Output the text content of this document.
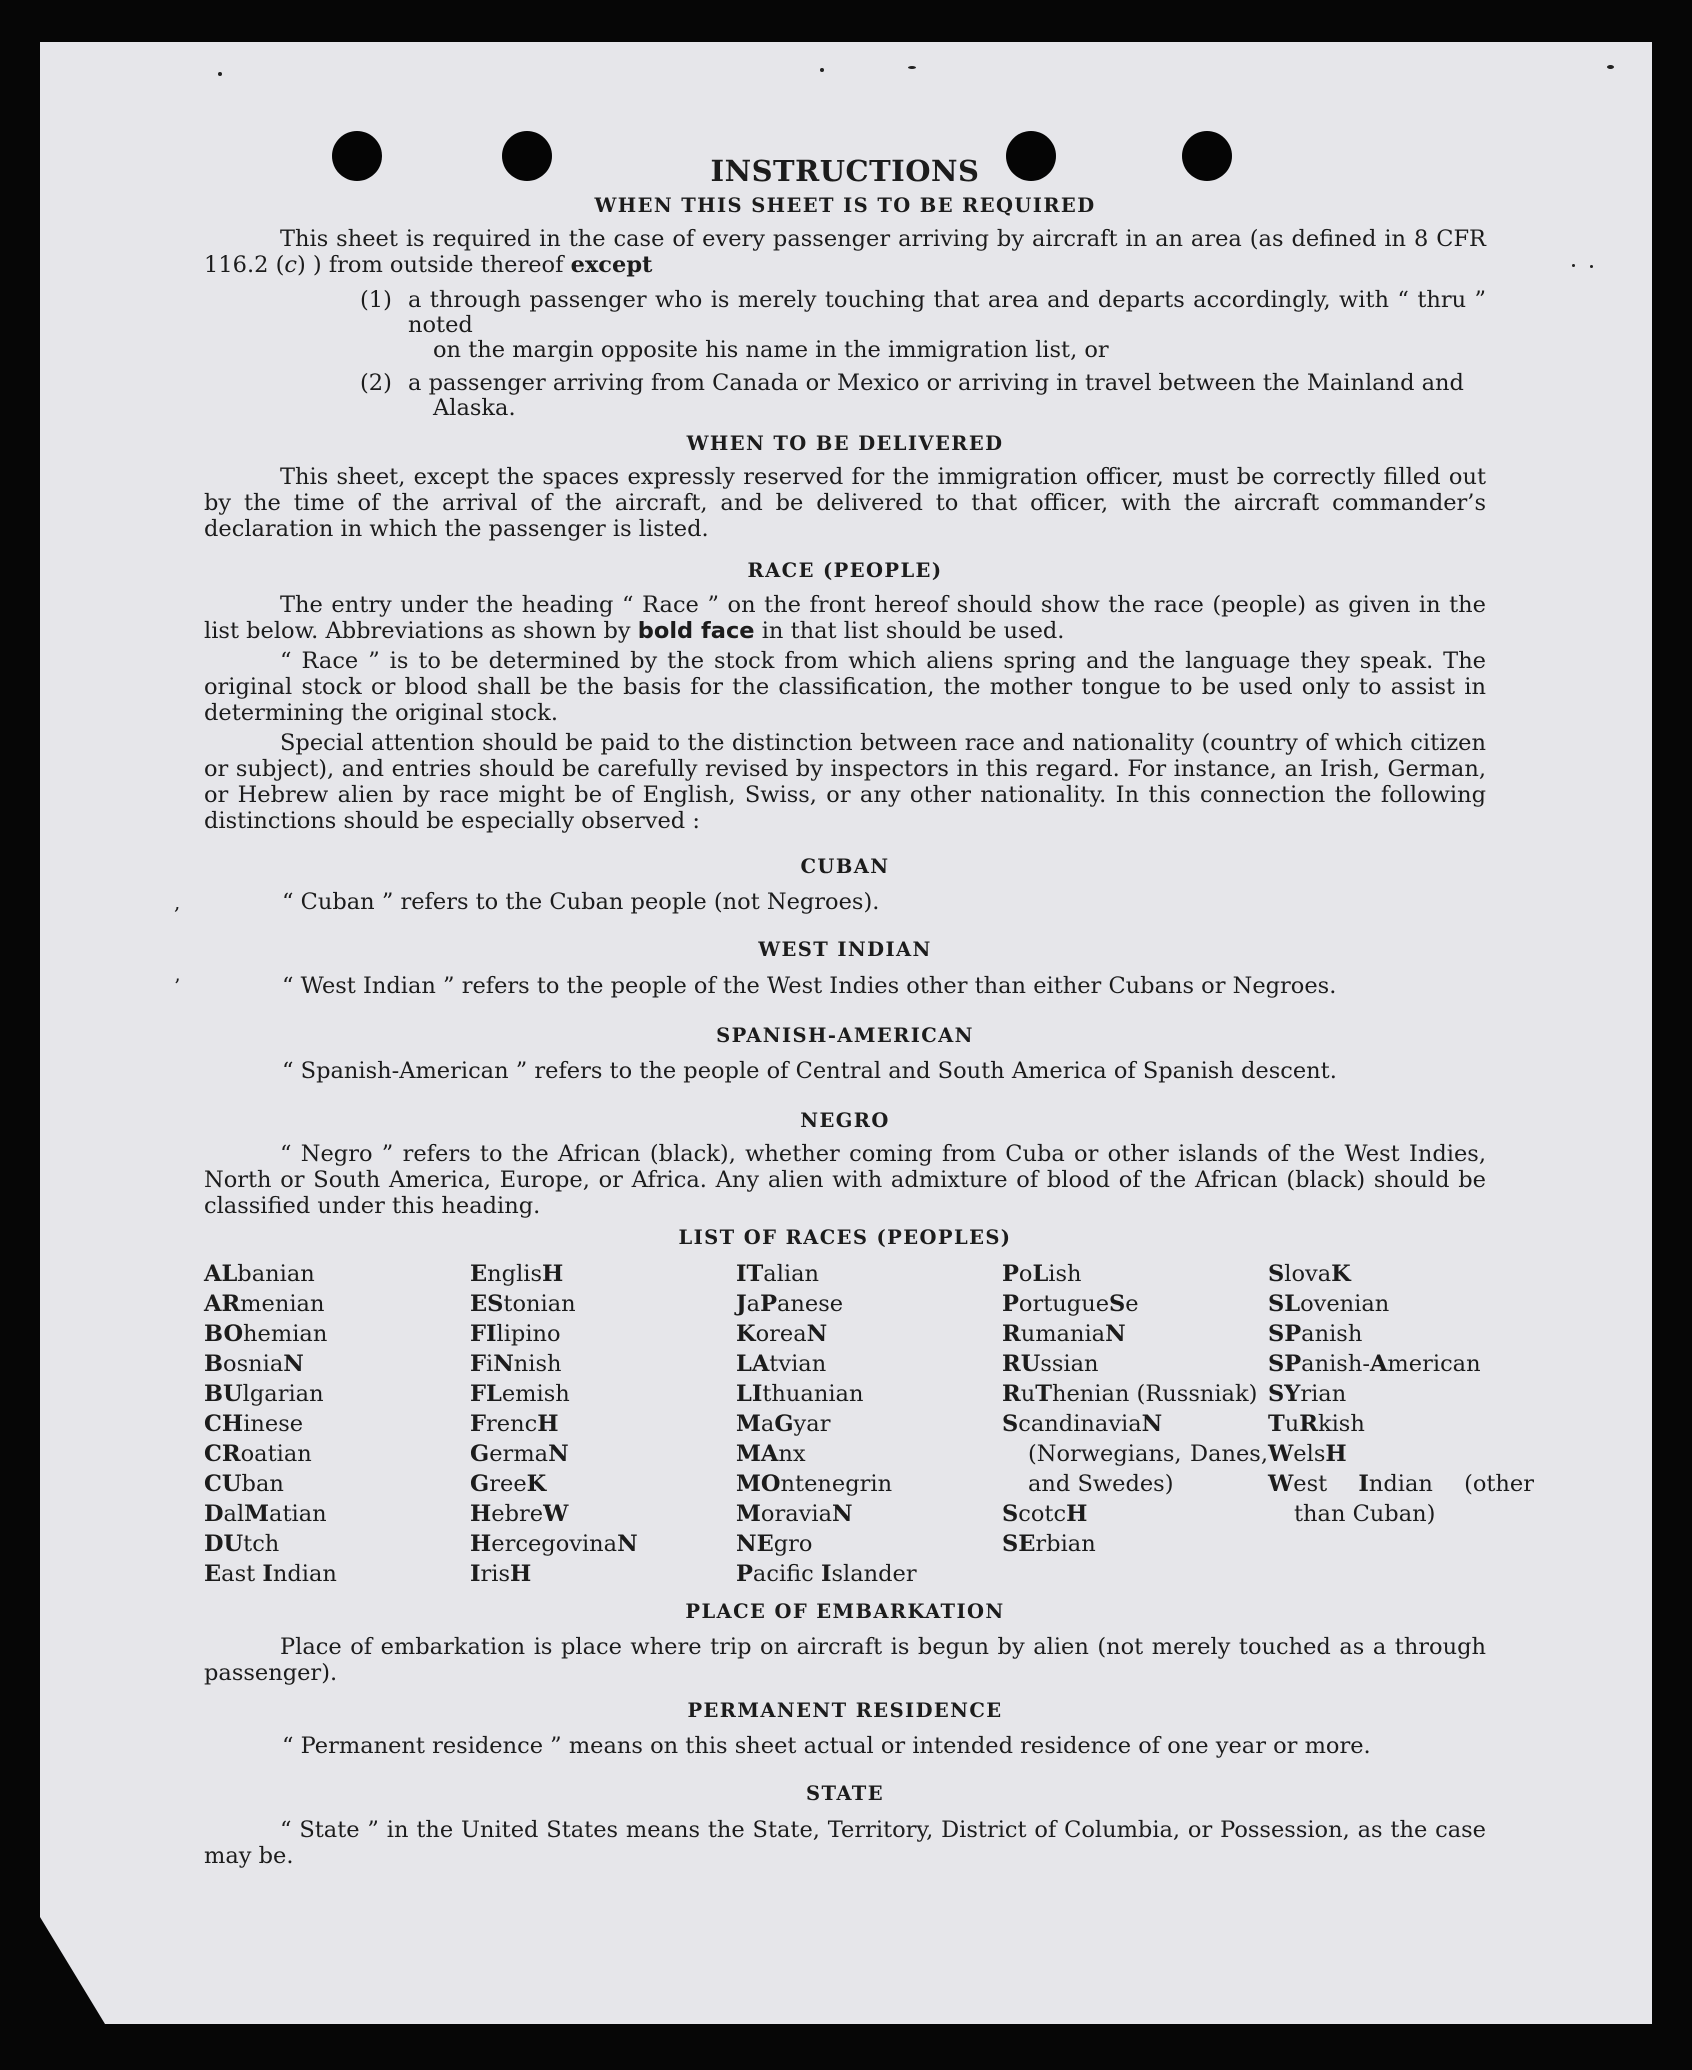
INSTRUCTIONS
WHEN THIS SHEET IS TO BE REQUIRED

This sheet is required in the case of every passenger arriving by aircraft in an area (as defined in 8 CFR 116.2 (c) ) from outside thereof except

(1) a through passenger who is merely touching that area and departs accordingly, with “ thru ” noted
on the margin opposite his name in the immigration list, or
(2) a passenger arriving from Canada or Mexico or arriving in travel between the Mainland and
Alaska.
WHEN TO BE DELIVERED

This sheet, except the spaces expressly reserved for the immigration officer, must be correctly filled out by the time of the arrival of the aircraft, and be delivered to that officer, with the aircraft commander’s declaration in which the passenger is listed.

RACE (PEOPLE)

The entry under the heading “ Race ” on the front hereof should show the race (people) as given in the list below. Abbreviations as shown by bold face in that list should be used.

“ Race ” is to be determined by the stock from which aliens spring and the language they speak. The original stock or blood shall be the basis for the classification, the mother tongue to be used only to assist in determining the original stock.

Special attention should be paid to the distinction between race and nationality (country of which citizen or subject), and entries should be carefully revised by inspectors in this regard. For instance, an Irish, German, or Hebrew alien by race might be of English, Swiss, or any other nationality. In this connection the following distinctions should be especially observed :

CUBAN
,	“ Cuban ” refers to the Cuban people (not Negroes).
WEST INDIAN
’	“ West Indian ” refers to the people of the West Indies other than either Cubans or Negroes.
SPANISH-AMERICAN
“ Spanish-American ” refers to the people of Central and South America of Spanish descent.
NEGRO

“ Negro ” refers to the African (black), whether coming from Cuba or other islands of the West Indies, North or South America, Europe, or Africa. Any alien with admixture of blood of the African (black) should be classified under this heading.

LIST OF RACES (PEOPLES)
ALbanian
ARmenian
BOhemian
BosniaN
BUlgarian
CHinese
CRoatian
CUban
DalMatian
DUtch
East Indian
EnglisH
EStonian
FIlipino
FiNnish
FLemish
FrencH
GermaN
GreeK
HebreW
HercegovinaN
IrisH
ITalian
JaPanese
KoreaN
LAtvian
LIthuanian
MaGyar
MAnx
MOntenegrin
MoraviaN
NEgro
Pacifc Islander
PoLish
PortugueSe
RumaniaN
RUssian
RuThenian (Russniak)
ScandinaviaN (Norwegians, Danes, and Swedes)
ScotcH
SErbian
SlovaK
SLovenian
SPanish
SPanish-American
SYrian
TuRkish
WelsH
West Indian (other than Cuban)
PLACE OF EMBARKATION

Place of embarkation is place where trip on aircraft is begun by alien (not merely touched as a through passenger).

PERMANENT RESIDENCE
“ Permanent residence ” means on this sheet actual or intended residence of one year or more.
STATE

“ State ” in the United States means the State, Territory, District of Columbia, or Possession, as the case may be.
